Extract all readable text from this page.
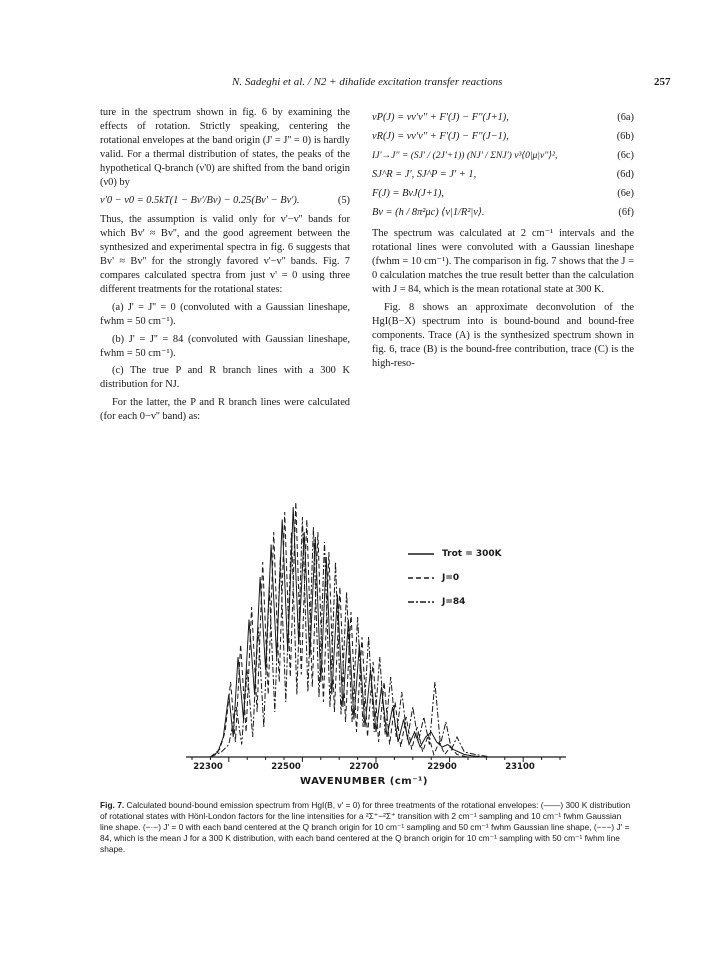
N. Sadeghi et al. / N2 + dihalide excitation transfer reactions	257

ture in the spectrum shown in fig. 6 by examining the effects of rotation. Strictly speaking, centering the rotational envelopes at the band origin (J' = J'' = 0) is hardly valid. For a thermal distribution of states, the peaks of the hypothetical Q-branch (ν'0) are shifted from the band origin (ν0) by

ν'0 − ν0 = 0.5kT(1 − Bv'/Bv) − 0.25(Bv' − Bv').	(5)

Thus, the assumption is valid only for v'−v'' bands for which Bv' ≈ Bv'', and the good agreement between the synthesized and experimental spectra in fig. 6 suggests that Bv' ≈ Bv'' for the strongly favored v'−v'' bands. Fig. 7 compares calculated spectra from just v' = 0 using three different treatments for the rotational states:

(a) J' = J'' = 0 (convoluted with a Gaussian lineshape, fwhm = 50 cm⁻¹).

(b) J' = J'' = 84 (convoluted with Gaussian lineshape, fwhm = 50 cm⁻¹).

(c) The true P and R branch lines with a 300 K distribution for NJ.

For the latter, the P and R branch lines were calculated (for each 0−v'' band) as:

νP(J) = νv'v'' + F'(J) − F''(J+1),	(6a)
νR(J) = νv'v'' + F'(J) − F''(J−1),	(6b)
IJ'→J'' = (SJ' / (2J'+1)) (NJ' / ΣNJ') ν³⟨0|μ|v''⟩²,	(6c)
SJ^R = J', SJ^P = J' + 1,	(6d)
F(J) = BvJ(J+1),	(6e)
Bv = (h / 8π²μc) ⟨v|1/R²|v⟩.	(6f)

The spectrum was calculated at 2 cm⁻¹ intervals and the rotational lines were convoluted with a Gaussian lineshape (fwhm = 10 cm⁻¹). The comparison in fig. 7 shows that the J = 0 calculation matches the true result better than the calculation with J = 84, which is the mean rotational state at 300 K.

Fig. 8 shows an approximate deconvolution of the HgI(B−X) spectrum into is bound-bound and bound-free components. Trace (A) is the synthesized spectrum shown in fig. 6, trace (B) is the bound-free contribution, trace (C) is the high-reso-

Trot = 300K
J=0
J=84
22300	22500	22700	22900	23100
WAVENUMBER (cm⁻¹)
Fig. 7. Calculated bound-bound emission spectrum from HgI(B, v' = 0) for three treatments of the rotational envelopes: (——) 300 K distribution of rotational states with Hönl-London factors for the line intensities for a ²Σ⁺−²Σ⁺ transition with 2 cm⁻¹ sampling and 10 cm⁻¹ fwhm Gaussian line shape. (−·−) J' = 0 with each band centered at the Q branch origin for 10 cm⁻¹ sampling and 50 cm⁻¹ fwhm Gaussian line shape, (−−−) J' = 84, which is the mean J for a 300 K distribution, with each band centered at the Q branch origin for 10 cm⁻¹ sampling with 50 cm⁻¹ fwhm line shape.
